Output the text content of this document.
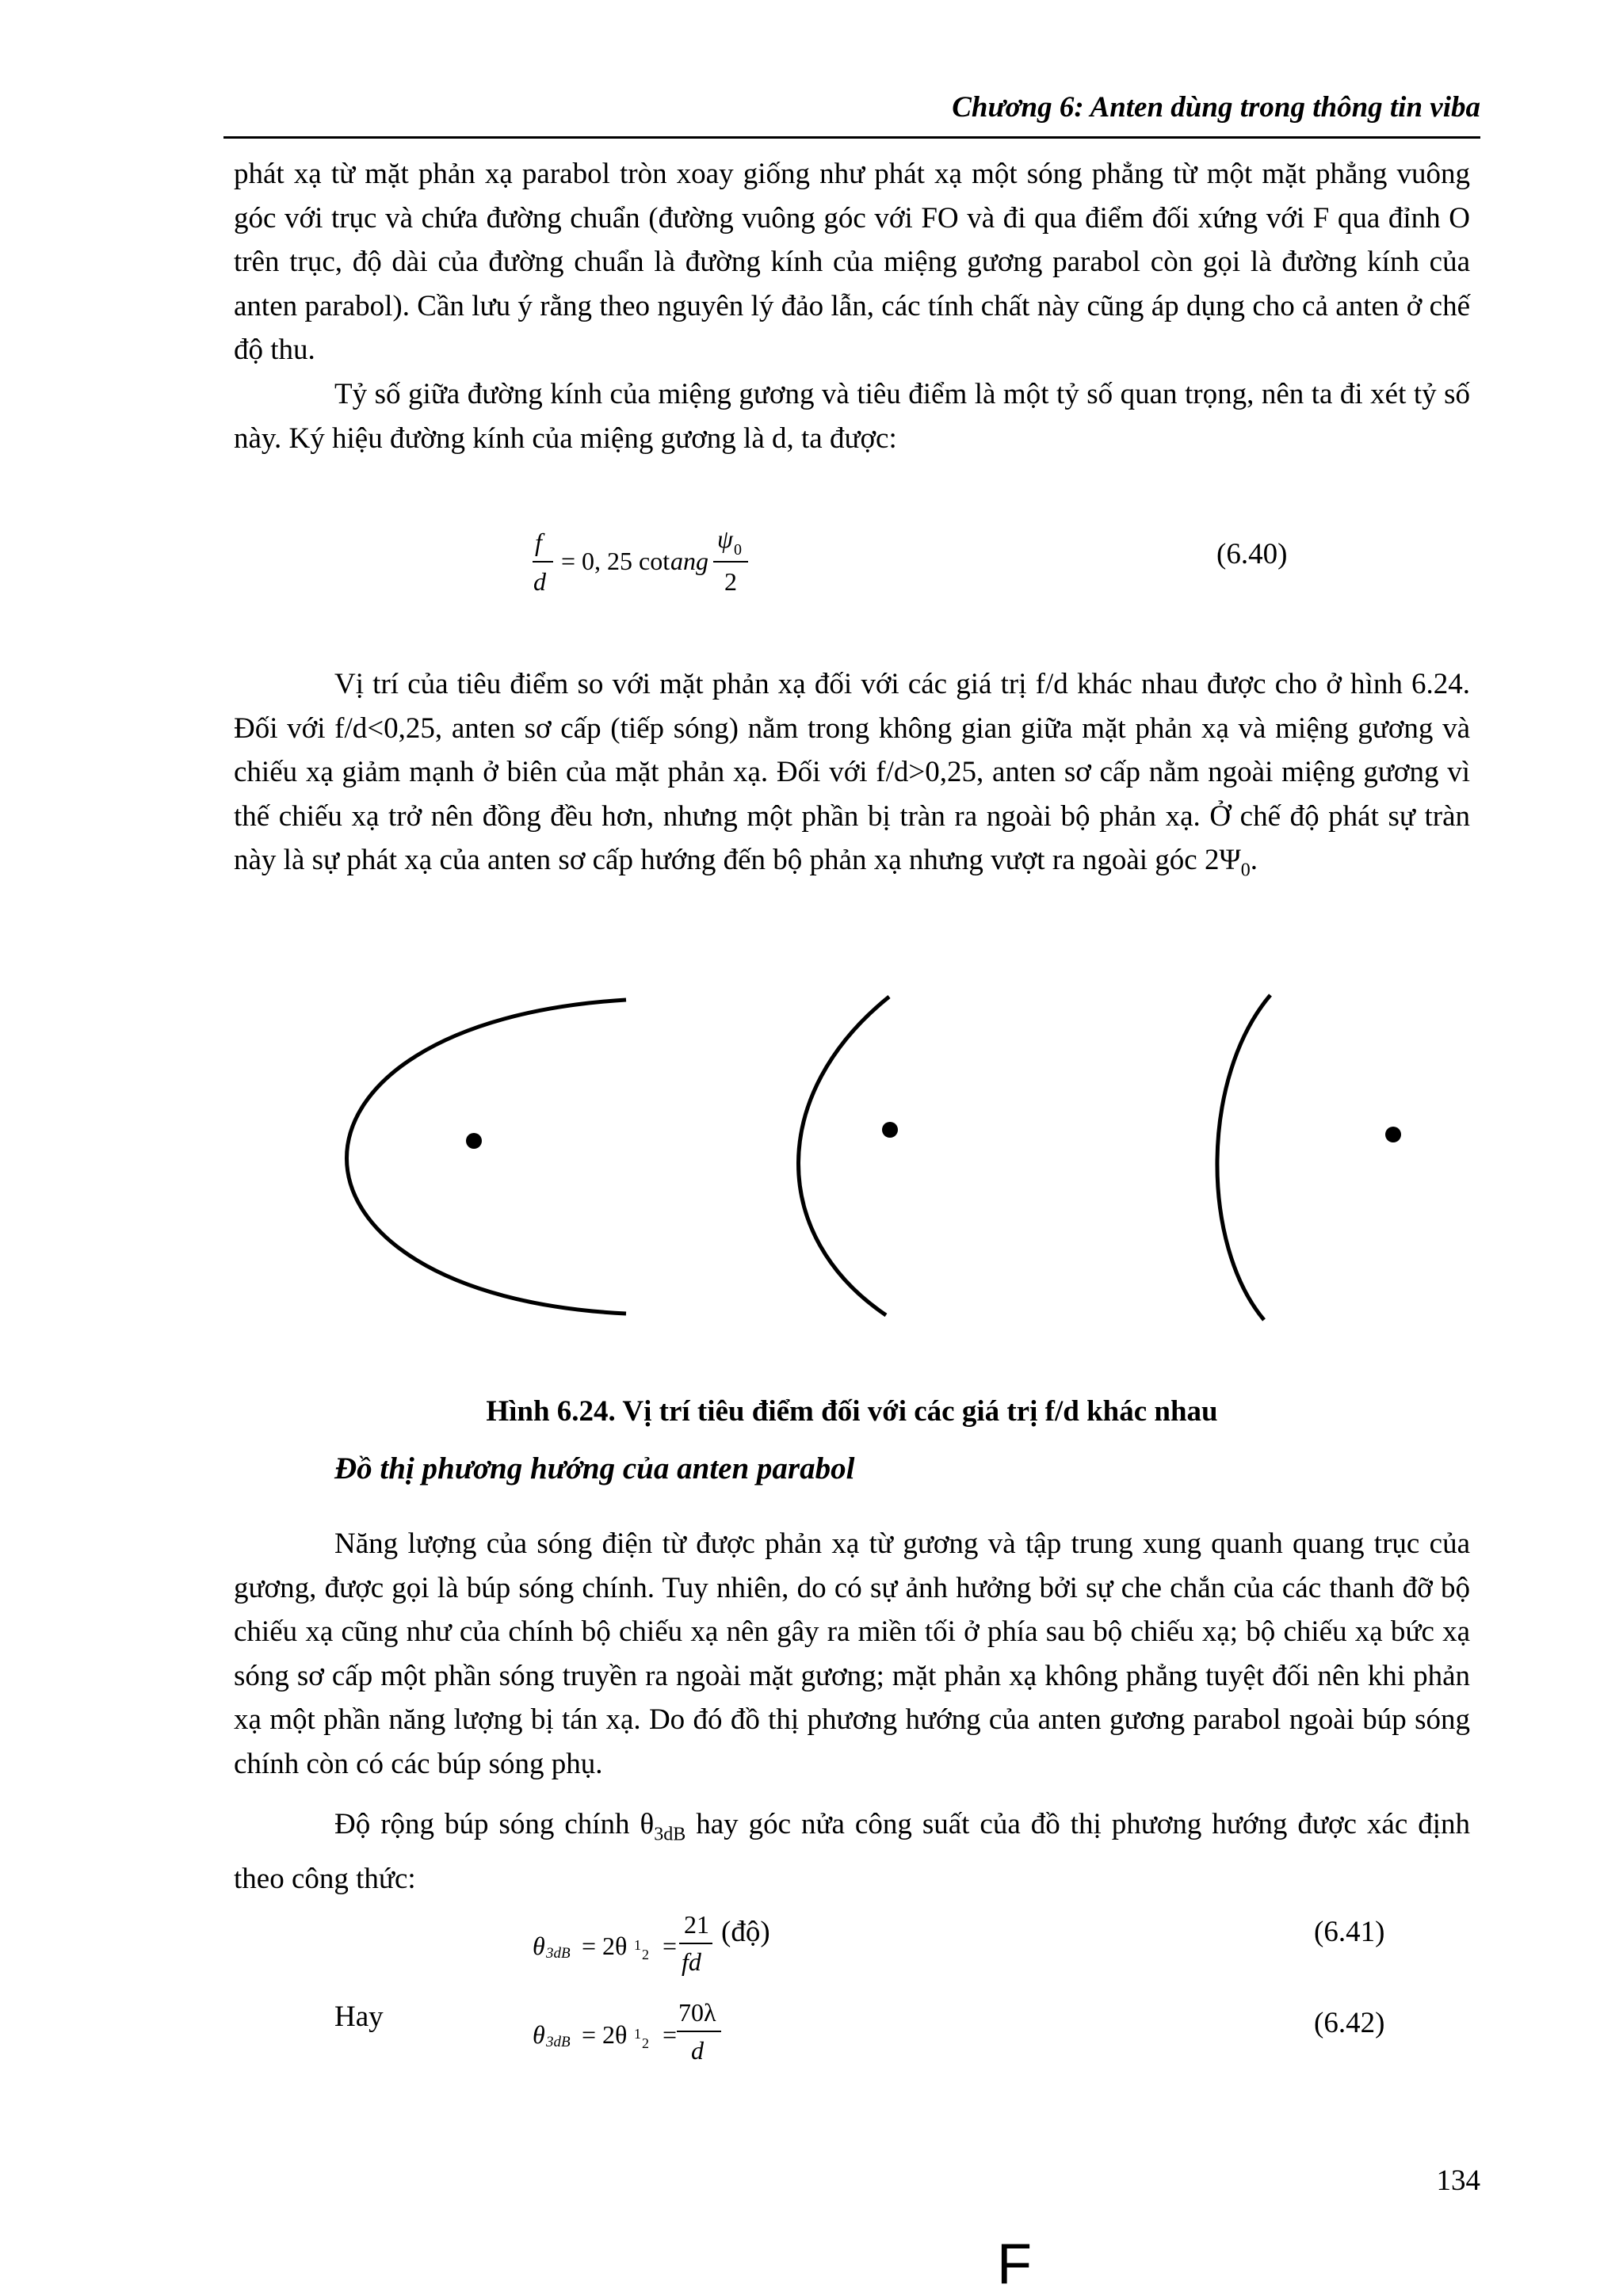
Chương 6: Anten dùng trong thông tin viba

phát xạ từ mặt phản xạ parabol tròn xoay giống như phát xạ một sóng phẳng từ một mặt phẳng vuông góc với trục và chứa đường chuẩn (đường vuông góc với FO và đi qua điểm đối xứng với F qua đỉnh O trên trục, độ dài của đường chuẩn là đường kính của miệng gương parabol còn gọi là đường kính của anten parabol). Cần lưu ý rằng theo nguyên lý đảo lẫn, các tính chất này cũng áp dụng cho cả anten ở chế độ thu.

Tỷ số giữa đường kính của miệng gương và tiêu điểm là một tỷ số quan trọng, nên ta đi xét tỷ số này. Ký hiệu đường kính của miệng gương là d, ta được:

f
d
= 0, 25 cot ang
ψ 0
2
(6.40)

Vị trí của tiêu điểm so với mặt phản xạ đối với các giá trị f/d khác nhau được cho ở hình 6.24. Đối với f/d<0,25, anten sơ cấp (tiếp sóng) nằm trong không gian giữa mặt phản xạ và miệng gương và chiếu xạ giảm mạnh ở biên của mặt phản xạ. Đối với f/d>0,25, anten sơ cấp nằm ngoài miệng gương vì thế chiếu xạ trở nên đồng đều hơn, nhưng một phần bị tràn ra ngoài bộ phản xạ. Ở chế độ phát sự tràn này là sự phát xạ của anten sơ cấp hướng đến bộ phản xạ nhưng vượt ra ngoài góc $2\Psi_0$.

Hình 6.24. Vị trí tiêu điểm đối với các giá trị f/d khác nhau
Đồ thị phương hướng của anten parabol

Năng lượng của sóng điện từ được phản xạ từ gương và tập trung xung quanh quang trục của gương, được gọi là búp sóng chính. Tuy nhiên, do có sự ảnh hưởng bởi sự che chắn của các thanh đỡ bộ chiếu xạ cũng như của chính bộ chiếu xạ nên gây ra miền tối ở phía sau bộ chiếu xạ; bộ chiếu xạ bức xạ sóng sơ cấp một phần sóng truyền ra ngoài mặt gương; mặt phản xạ không phẳng tuyệt đối nên khi phản xạ một phần năng lượng bị tán xạ. Do đó đồ thị phương hướng của anten gương parabol ngoài búp sóng chính còn có các búp sóng phụ.

Độ rộng búp sóng chính $\theta_{3dB}$ hay góc nửa công suất của đồ thị phương hướng được xác định theo công thức:

θ 3dB = 2θ 1
2 =
21
fd
(độ)	(6.41)
Hay
θ 3dB = 2θ 1
2 =
70λ
d
(6.42)
134
F
